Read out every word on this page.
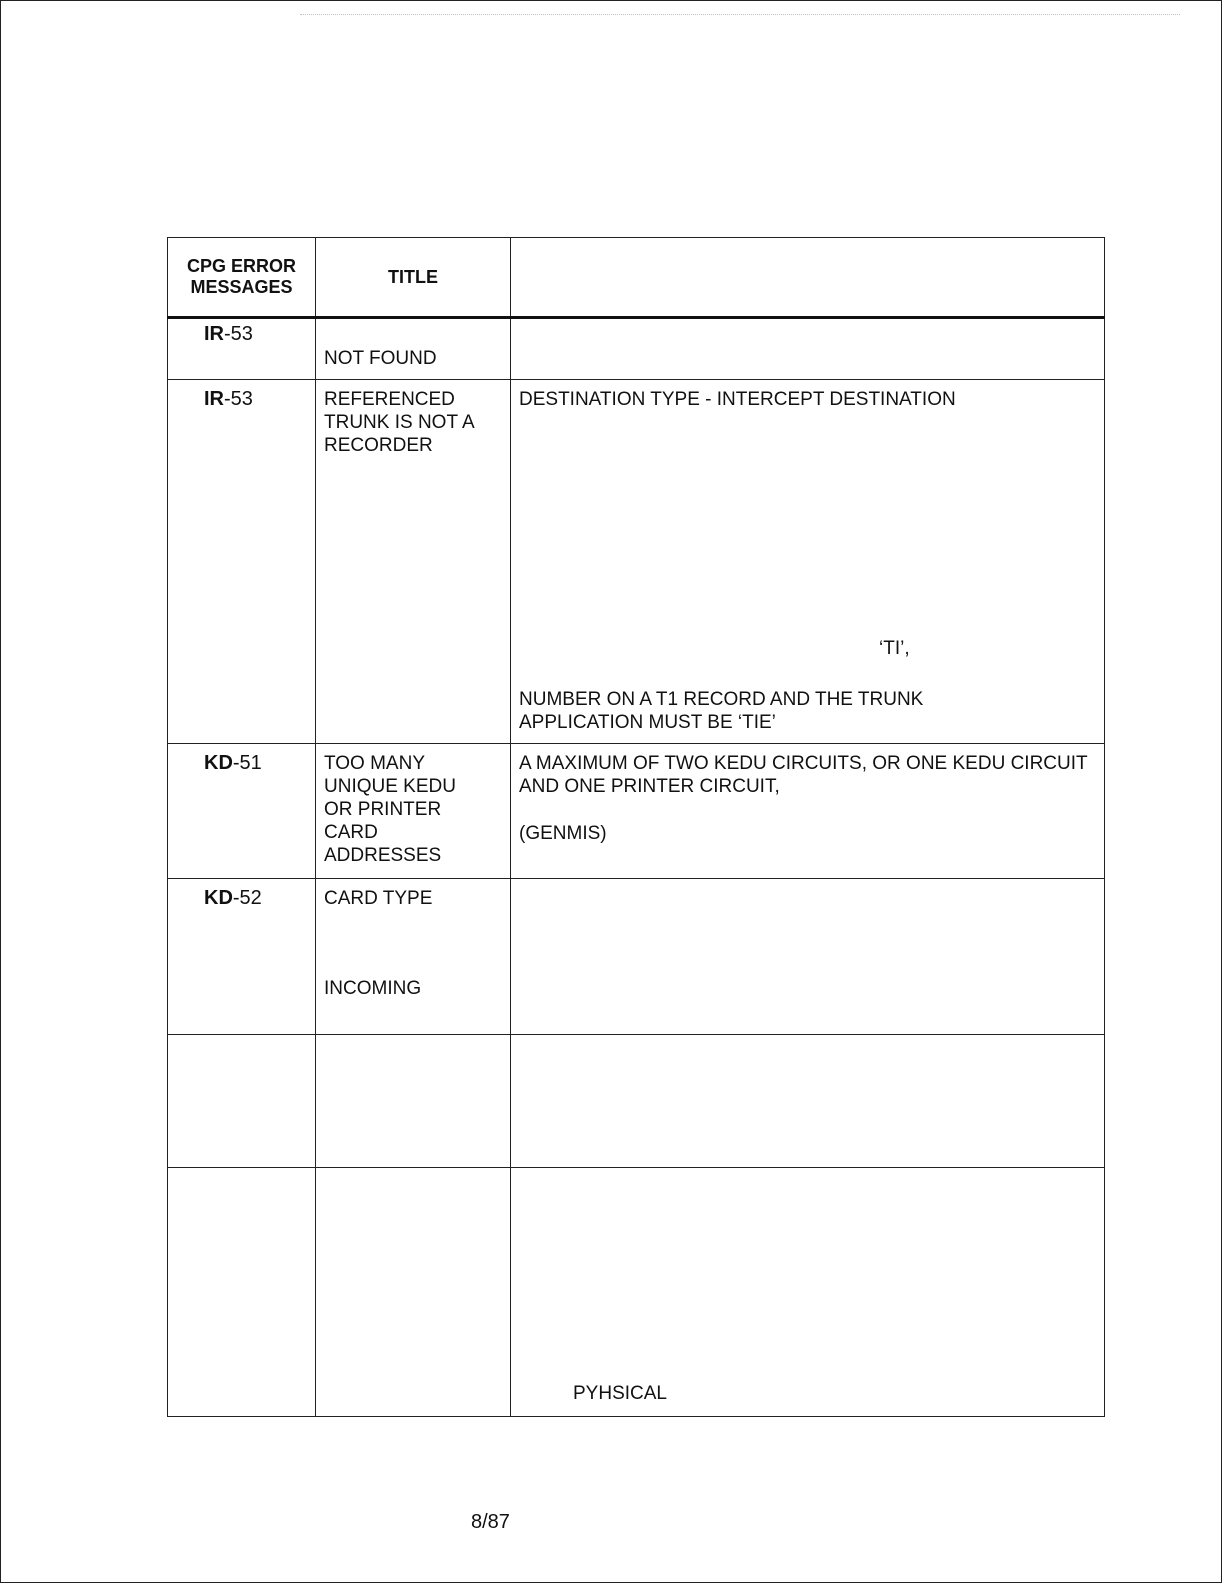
CPG ERROR MESSAGES	TITLE	

IR-53	NOT FOUND	

IR-53	REFERENCED TRUNK IS NOT A RECORDER	DESTINATION TYPE - INTERCEPT DESTINATION
‘TI’,
NUMBER ON A T1 RECORD AND THE TRUNK APPLICATION MUST BE ‘TIE’

KD-51	TOO MANY UNIQUE KEDU OR PRINTER CARD ADDRESSES	A MAXIMUM OF TWO KEDU CIRCUITS, OR ONE KEDU CIRCUIT AND ONE PRINTER CIRCUIT,
(GENMIS)

KD-52	CARD TYPE
INCOMING	

		PYHSICAL
8/87
